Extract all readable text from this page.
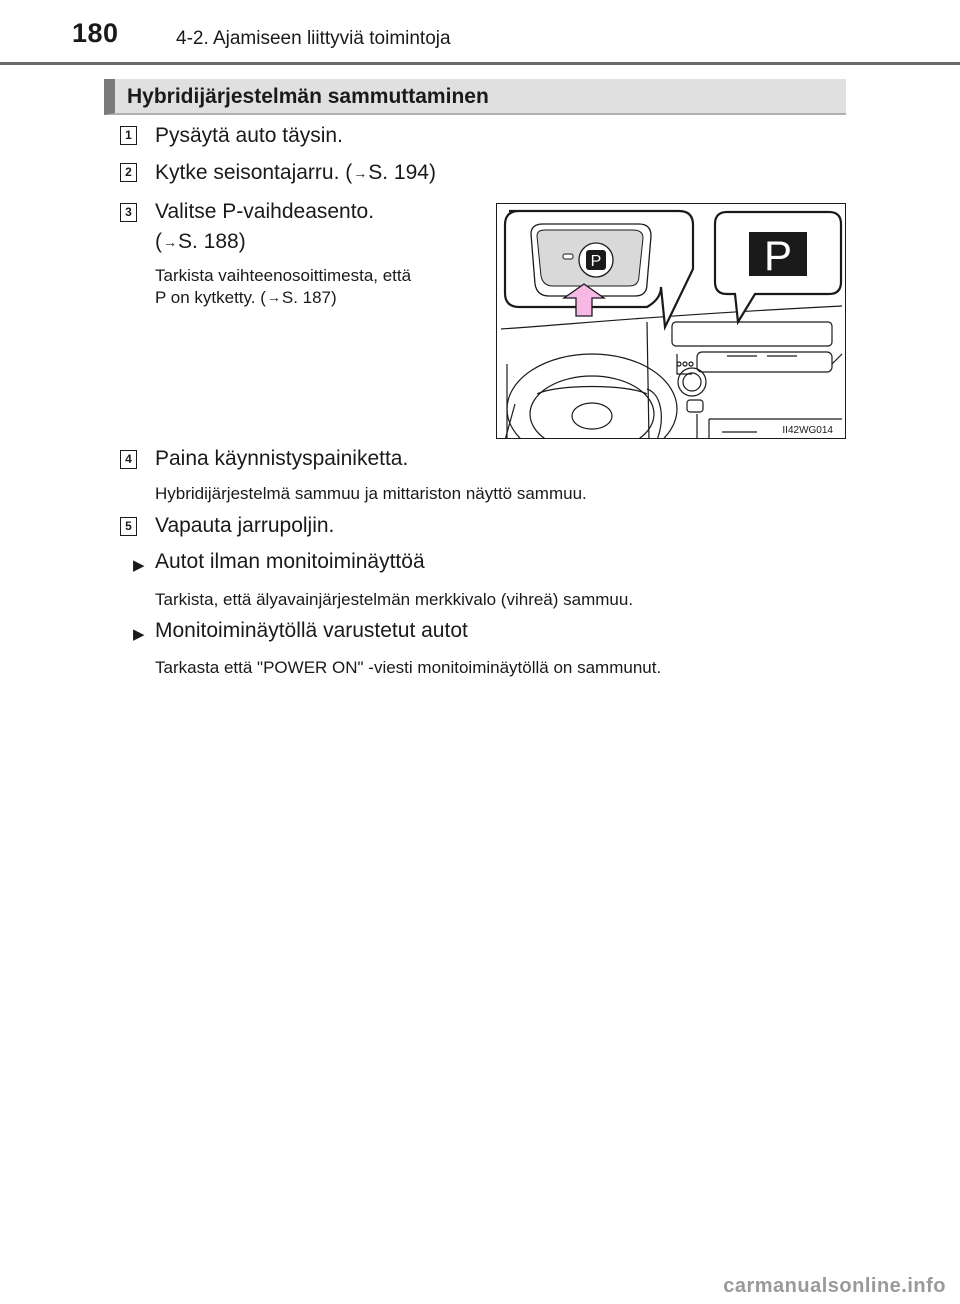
180	4-2. Ajamiseen liittyviä toimintoja
Hybridijärjestelmän sammuttaminen
1 Pysäytä auto täysin.
2 Kytke seisontajarru. (→S. 194)
3 Valitse P-vaihdeasento.
(→S. 188)
Tarkista vaihteenosoittimesta, että
P on kytketty. (→S. 187)
P	P
II42WG014
4 Paina käynnistyspainiketta.
Hybridijärjestelmä sammuu ja mittariston näyttö sammuu.
5 Vapauta jarrupoljin.
▶ Autot ilman monitoiminäyttöä
Tarkista, että älyavainjärjestelmän merkkivalo (vihreä) sammuu.
▶ Monitoiminäytöllä varustetut autot
Tarkasta että "POWER ON" -viesti monitoiminäytöllä on sammunut.
carmanualsonline.info
